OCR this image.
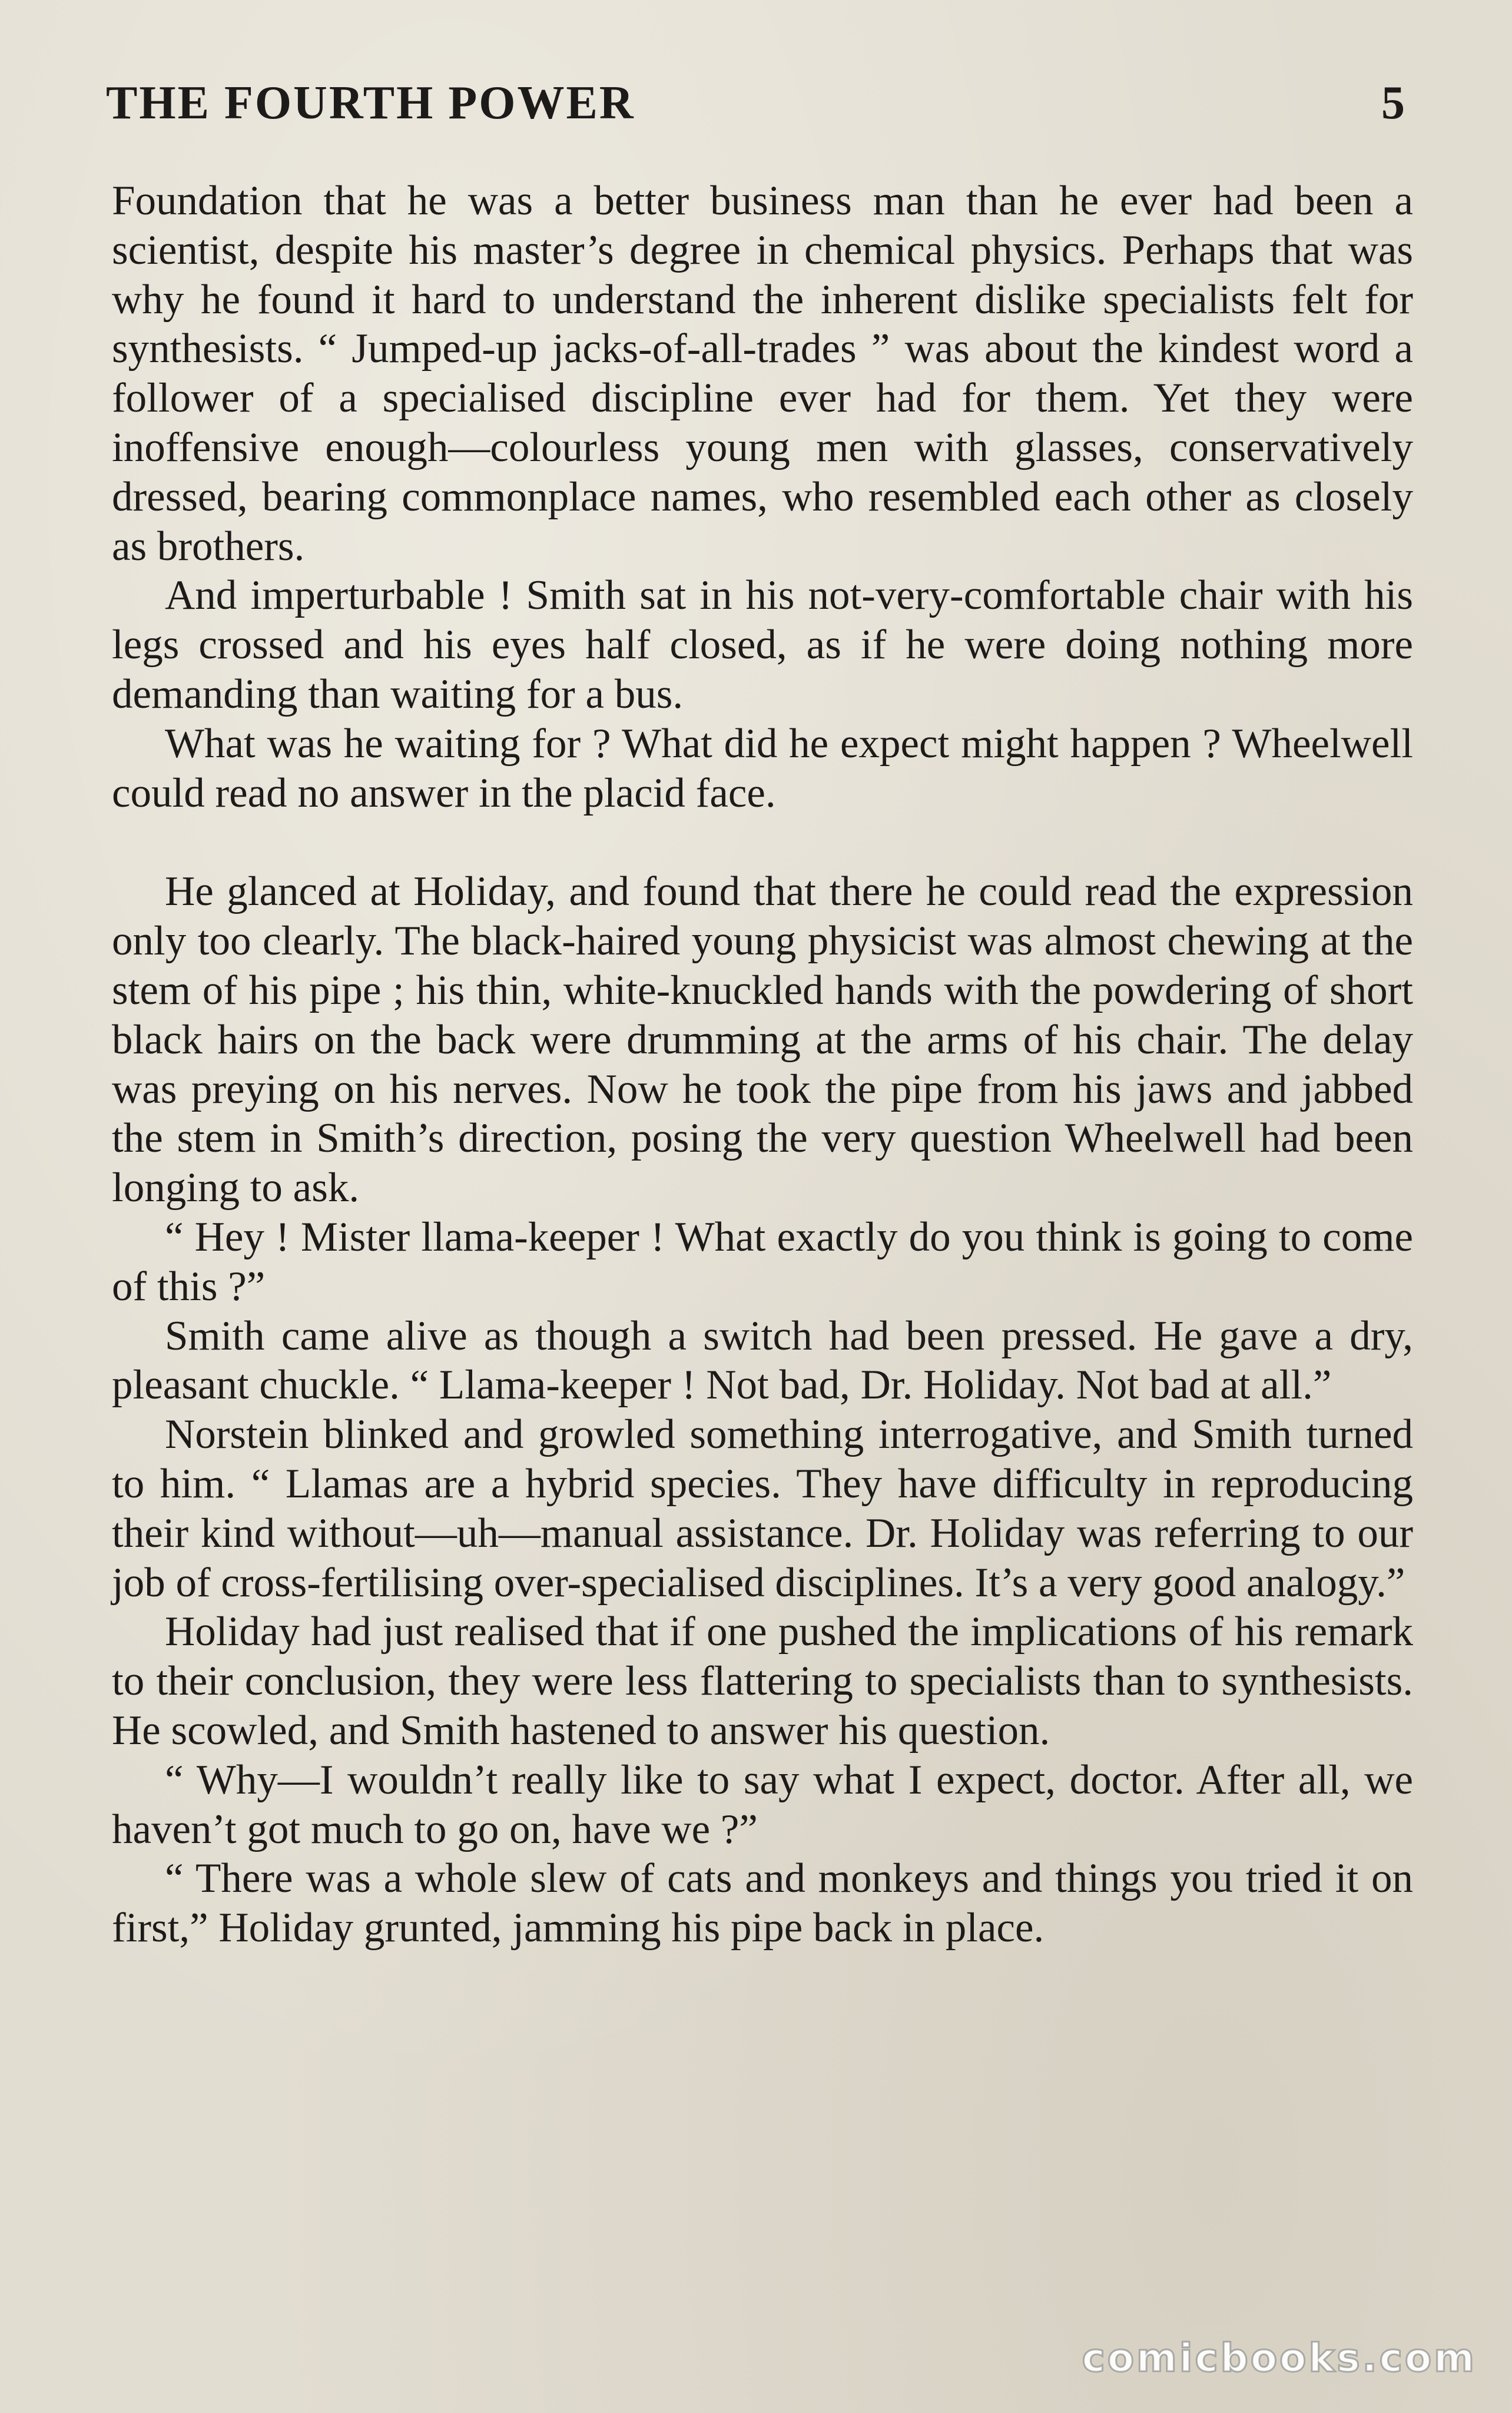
THE FOURTH POWER	5

Foundation that he was a better business man than he ever had been a scientist, despite his master’s degree in chemical physics. Perhaps that was why he found it hard to understand the inherent dislike specialists felt for synthesists. “ Jumped-up jacks-of-all-trades ” was about the kindest word a follower of a specialised discipline ever had for them. Yet they were inoffensive enough—colourless young men with glasses, conservatively dressed, bearing commonplace names, who resembled each other as closely as brothers.

And imperturbable ! Smith sat in his not-very-comfortable chair with his legs crossed and his eyes half closed, as if he were doing nothing more demanding than waiting for a bus.

What was he waiting for ? What did he expect might happen ? Wheelwell could read no answer in the placid face.

He glanced at Holiday, and found that there he could read the expression only too clearly. The black-haired young physicist was almost chewing at the stem of his pipe ; his thin, white-knuckled hands with the powdering of short black hairs on the back were drumming at the arms of his chair. The delay was preying on his nerves. Now he took the pipe from his jaws and jabbed the stem in Smith’s direction, posing the very question Wheelwell had been longing to ask.

“ Hey ! Mister llama-keeper ! What exactly do you think is going to come of this ?”

Smith came alive as though a switch had been pressed. He gave a dry, pleasant chuckle. “ Llama-keeper ! Not bad, Dr. Holiday. Not bad at all.”

Norstein blinked and growled something interrogative, and Smith turned to him. “ Llamas are a hybrid species. They have difficulty in reproducing their kind without—uh—manual assistance. Dr. Holiday was referring to our job of cross-fertilising over-specialised disciplines. It’s a very good analogy.”

Holiday had just realised that if one pushed the implications of his remark to their conclusion, they were less flattering to specialists than to synthesists. He scowled, and Smith hastened to answer his question.

“ Why—I wouldn’t really like to say what I expect, doctor. After all, we haven’t got much to go on, have we ?”

“ There was a whole slew of cats and monkeys and things you tried it on first,” Holiday grunted, jamming his pipe back in place.

comicbooks.com
